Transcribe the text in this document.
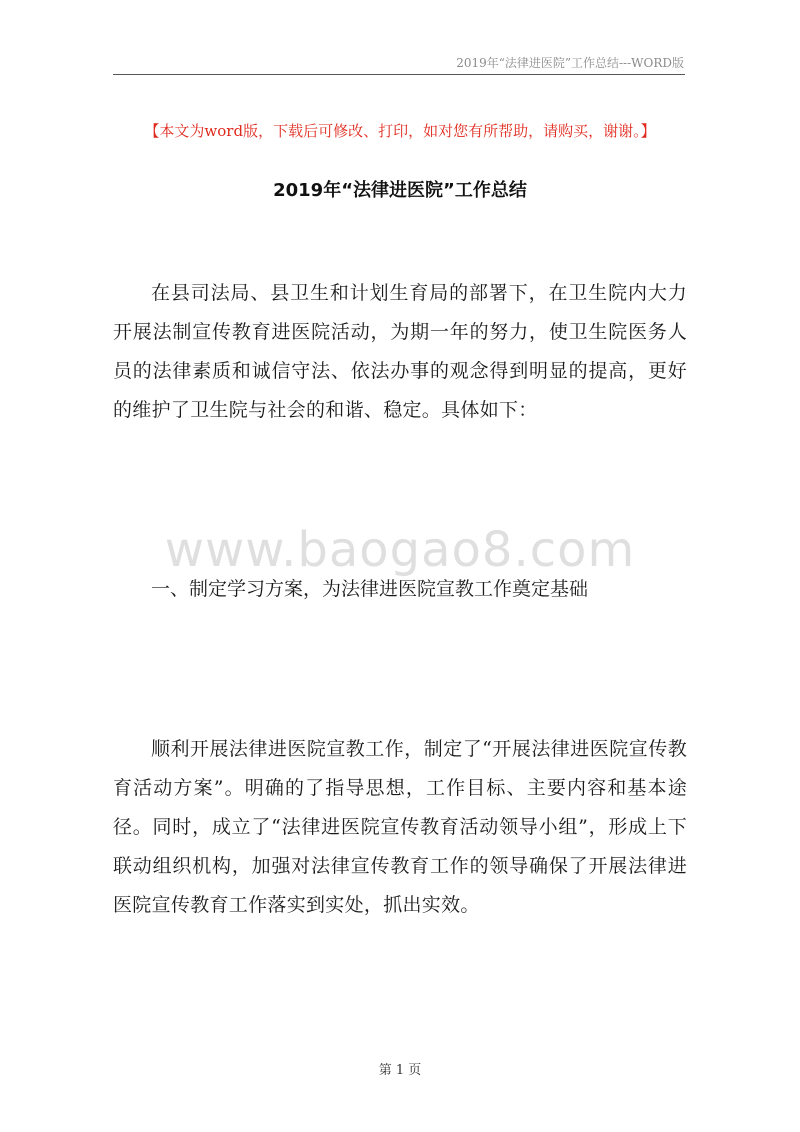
2019年“法律进医院”工作总结---WORD版
【本文为word版，下载后可修改、打印，如对您有所帮助，请购买，谢谢。】
2019年“法律进医院”工作总结

在县司法局、县卫生和计划生育局的部署下，在卫生院内大力开展法制宣传教育进医院活动，为期一年的努力，使卫生院医务人员的法律素质和诚信守法、依法办事的观念得到明显的提高，更好的维护了卫生院与社会的和谐、稳定。具体如下：

www.baogao8.com

一、制定学习方案，为法律进医院宣教工作奠定基础

顺利开展法律进医院宣教工作，制定了“开展法律进医院宣传教育活动方案”。明确的了指导思想，工作目标、主要内容和基本途径。同时，成立了“法律进医院宣传教育活动领导小组”，形成上下联动组织机构，加强对法律宣传教育工作的领导确保了开展法律进医院宣传教育工作落实到实处，抓出实效。

第 1 页
